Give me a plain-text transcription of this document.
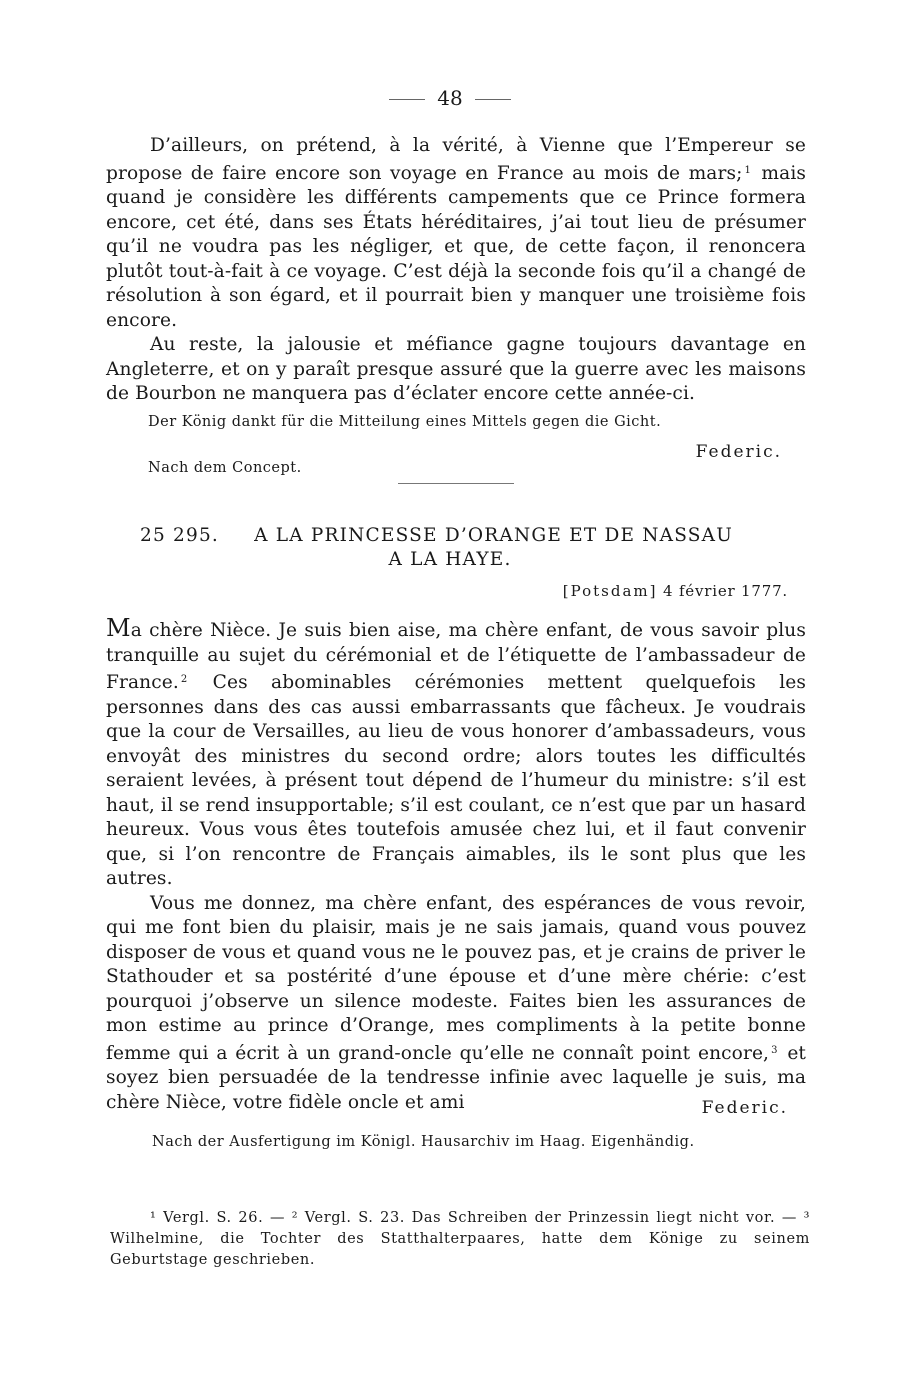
48

D’ailleurs, on prétend, à la vérité, à Vienne que l’Empereur se propose de faire encore son voyage en France au mois de mars; $^1$ mais quand je considère les différents campements que ce Prince formera encore, cet été, dans ses États héréditaires, j’ai tout lieu de présumer qu’il ne voudra pas les négliger, et que, de cette façon, il renoncera plutôt tout-à-fait à ce voyage. C’est déjà la seconde fois qu’il a changé de résolution à son égard, et il pourrait bien y manquer une troisième fois encore.

Au reste, la jalousie et méfiance gagne toujours davantage en Angleterre, et on y paraît presque assuré que la guerre avec les maisons de Bourbon ne manquera pas d’éclater encore cette année-ci.

Der König dankt für die Mitteilung eines Mittels gegen die Gicht.
Federic.
Nach dem Concept.
25 295. A LA PRINCESSE D’ORANGE ET DE NASSAU
A LA HAYE.
[Potsdam] 4 février 1777.

Ma chère Nièce. Je suis bien aise, ma chère enfant, de vous savoir plus tranquille au sujet du cérémonial et de l’étiquette de l’ambassadeur de France. $^2$ Ces abominables cérémonies mettent quelquefois les personnes dans des cas aussi embarrassants que fâcheux. Je voudrais que la cour de Versailles, au lieu de vous honorer d’ambassadeurs, vous envoyât des ministres du second ordre; alors toutes les difficultés seraient levées, à présent tout dépend de l’humeur du ministre: s’il est haut, il se rend insupportable; s’il est coulant, ce n’est que par un hasard heureux. Vous vous êtes toutefois amusée chez lui, et il faut convenir que, si l’on rencontre de Français aimables, ils le sont plus que les autres.

Vous me donnez, ma chère enfant, des espérances de vous revoir, qui me font bien du plaisir, mais je ne sais jamais, quand vous pouvez disposer de vous et quand vous ne le pouvez pas, et je crains de priver le Stathouder et sa postérité d’une épouse et d’une mère chérie: c’est pourquoi j’observe un silence modeste. Faites bien les assurances de mon estime au prince d’Orange, mes compliments à la petite bonne femme qui a écrit à un grand-oncle qu’elle ne connaît point encore, $^3$ et soyez bien persuadée de la tendresse infinie avec laquelle je suis, ma chère Nièce, votre fidèle oncle et ami	Federic.
Nach der Ausfertigung im Königl. Hausarchiv im Haag. Eigenhändig.

¹ Vergl. S. 26. — ² Vergl. S. 23. Das Schreiben der Prinzessin liegt nicht vor. — ³ Wilhelmine, die Tochter des Statthalterpaares, hatte dem Könige zu seinem Geburtstage geschrieben.
